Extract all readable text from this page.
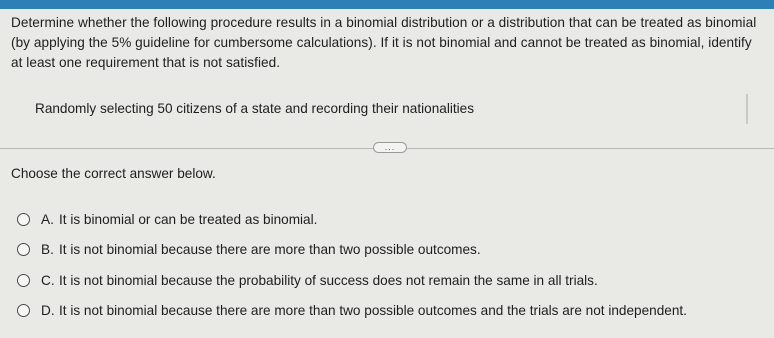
Determine whether the following procedure results in a binomial distribution or a distribution that can be treated as binomial (by applying the 5% guideline for cumbersome calculations). If it is not binomial and cannot be treated as binomial, identify at least one requirement that is not satisfied.
Randomly selecting 50 citizens of a state and recording their nationalities
...
Choose the correct answer below.
A. It is binomial or can be treated as binomial.
B. It is not binomial because there are more than two possible outcomes.
C. It is not binomial because the probability of success does not remain the same in all trials.
D. It is not binomial because there are more than two possible outcomes and the trials are not independent.
